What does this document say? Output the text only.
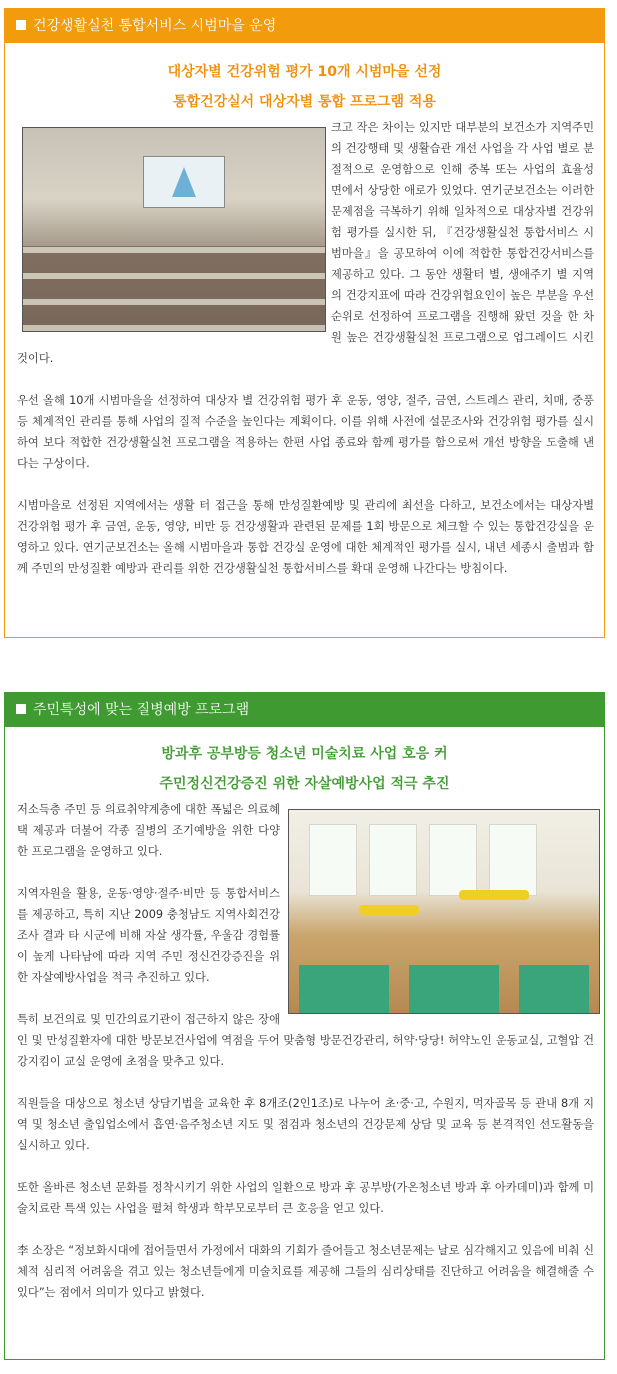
건강생활실천 통합서비스 시범마을 운영
대상자별 건강위험 평가 10개 시범마을 선정
통합건강실서 대상자별 통합 프로그램 적용

크고 작은 차이는 있지만 대부분의 보건소가 지역주민의 건강행태 및 생활습관 개선 사업을 각 사업 별로 분절적으로 운영함으로 인해 중복 또는 사업의 효율성 면에서 상당한 애로가 있었다. 연기군보건소는 이러한 문제점을 극복하기 위해 일차적으로 대상자별 건강위험 평가를 실시한 뒤, 『건강생활실천 통합서비스 시범마을』을 공모하여 이에 적합한 통합건강서비스를 제공하고 있다. 그 동안 생활터 별, 생애주기 별 지역의 건강지표에 따라 건강위험요인이 높은 부분을 우선순위로 선정하여 프로그램을 진행해 왔던 것을 한 차원 높은 건강생활실천 프로그램으로 업그레이드 시킨 것이다.

우선 올해 10개 시범마을을 선정하여 대상자 별 건강위험 평가 후 운동, 영양, 절주, 금연, 스트레스 관리, 치매, 중풍 등 체계적인 관리를 통해 사업의 질적 수준을 높인다는 계획이다. 이를 위해 사전에 설문조사와 건강위험 평가를 실시하여 보다 적합한 건강생활실천 프로그램을 적용하는 한편 사업 종료와 함께 평가를 함으로써 개선 방향을 도출해 낸다는 구상이다.

시범마을로 선정된 지역에서는 생활 터 접근을 통해 만성질환예방 및 관리에 최선을 다하고, 보건소에서는 대상자별 건강위험 평가 후 금연, 운동, 영양, 비만 등 건강생활과 관련된 문제를 1회 방문으로 체크할 수 있는 통합건강실을 운영하고 있다. 연기군보건소는 올해 시범마을과 통합 건강실 운영에 대한 체계적인 평가를 실시, 내년 세종시 출범과 함께 주민의 만성질환 예방과 관리를 위한 건강생활실천 통합서비스를 확대 운영해 나간다는 방침이다.

주민특성에 맞는 질병예방 프로그램
방과후 공부방등 청소년 미술치료 사업 호응 커
주민정신건강증진 위한 자살예방사업 적극 추진

저소득층 주민 등 의료취약계층에 대한 폭넓은 의료혜택 제공과 더불어 각종 질병의 조기예방을 위한 다양한 프로그램을 운영하고 있다.

지역자원을 활용, 운동·영양·절주·비만 등 통합서비스를 제공하고, 특히 지난 2009 충청남도 지역사회건강조사 결과 타 시군에 비해 자살 생각률, 우울감 경험률이 높게 나타남에 따라 지역 주민 정신건강증진을 위한 자살예방사업을 적극 추진하고 있다.

특히 보건의료 및 민간의료기관이 접근하지 않은 장애인 및 만성질환자에 대한 방문보건사업에 역점을 두어 맞춤형 방문건강관리, 허약·당당! 허약노인 운동교실, 고혈압 건강지킴이 교실 운영에 초점을 맞추고 있다.

직원들을 대상으로 청소년 상담기법을 교육한 후 8개조(2인1조)로 나누어 초·중·고, 수원지, 먹자골목 등 관내 8개 지역 및 청소년 출입업소에서 흡연·음주청소년 지도 및 점검과 청소년의 건강문제 상담 및 교육 등 본격적인 선도활동을 실시하고 있다.

또한 올바른 청소년 문화를 정착시키기 위한 사업의 일환으로 방과 후 공부방(가온청소년 방과 후 아카데미)과 함께 미술치료란 특색 있는 사업을 펼쳐 학생과 학부모로부터 큰 호응을 얻고 있다.

李 소장은 “정보화시대에 접어들면서 가정에서 대화의 기회가 줄어들고 청소년문제는 날로 심각해지고 있음에 비춰 신체적 심리적 어려움을 겪고 있는 청소년들에게 미술치료를 제공해 그들의 심리상태를 진단하고 어려움을 해결해줄 수 있다”는 점에서 의미가 있다고 밝혔다.
